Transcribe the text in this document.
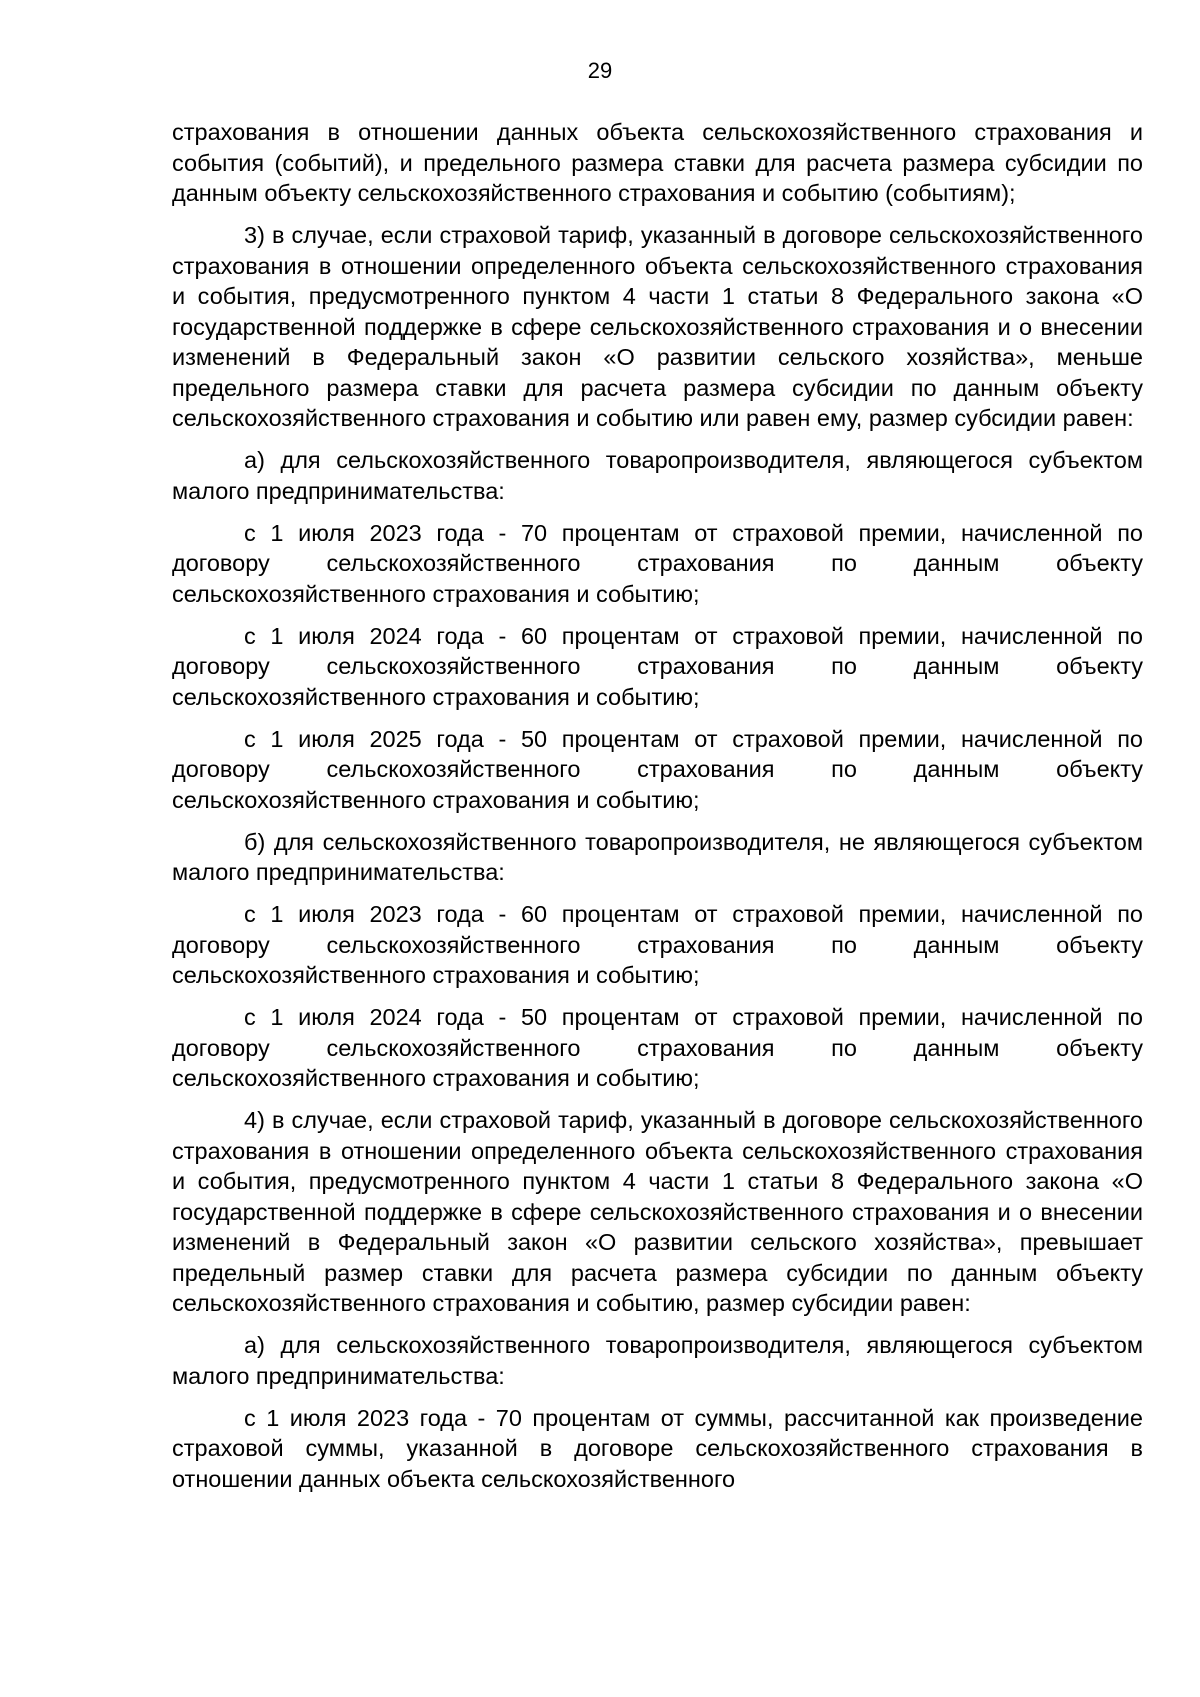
29

страхования в отношении данных объекта сельскохозяйственного страхования и события (событий), и предельного размера ставки для расчета размера субсидии по данным объекту сельскохозяйственного страхования и событию (событиям);

3) в случае, если страховой тариф, указанный в договоре сельскохозяйственного страхования в отношении определенного объекта сельскохозяйственного страхования и события, предусмотренного пунктом 4 части 1 статьи 8 Федерального закона «О государственной поддержке в сфере сельскохозяйственного страхования и о внесении изменений в Федеральный закон «О развитии сельского хозяйства», меньше предельного размера ставки для расчета размера субсидии по данным объекту сельскохозяйственного страхования и событию или равен ему, размер субсидии равен:

а) для сельскохозяйственного товаропроизводителя, являющегося субъектом малого предпринимательства:

с 1 июля 2023 года - 70 процентам от страховой премии, начисленной по договору сельскохозяйственного страхования по данным объекту сельскохозяйственного страхования и событию;

с 1 июля 2024 года - 60 процентам от страховой премии, начисленной по договору сельскохозяйственного страхования по данным объекту сельскохозяйственного страхования и событию;

с 1 июля 2025 года - 50 процентам от страховой премии, начисленной по договору сельскохозяйственного страхования по данным объекту сельскохозяйственного страхования и событию;

б) для сельскохозяйственного товаропроизводителя, не являющегося субъектом малого предпринимательства:

с 1 июля 2023 года - 60 процентам от страховой премии, начисленной по договору сельскохозяйственного страхования по данным объекту сельскохозяйственного страхования и событию;

с 1 июля 2024 года - 50 процентам от страховой премии, начисленной по договору сельскохозяйственного страхования по данным объекту сельскохозяйственного страхования и событию;

4) в случае, если страховой тариф, указанный в договоре сельскохозяйственного страхования в отношении определенного объекта сельскохозяйственного страхования и события, предусмотренного пунктом 4 части 1 статьи 8 Федерального закона «О государственной поддержке в сфере сельскохозяйственного страхования и о внесении изменений в Федеральный закон «О развитии сельского хозяйства», превышает предельный размер ставки для расчета размера субсидии по данным объекту сельскохозяйственного страхования и событию, размер субсидии равен:

а) для сельскохозяйственного товаропроизводителя, являющегося субъектом малого предпринимательства:

с 1 июля 2023 года - 70 процентам от суммы, рассчитанной как произведение страховой суммы, указанной в договоре сельскохозяйственного страхования в отношении данных объекта сельскохозяйственного
